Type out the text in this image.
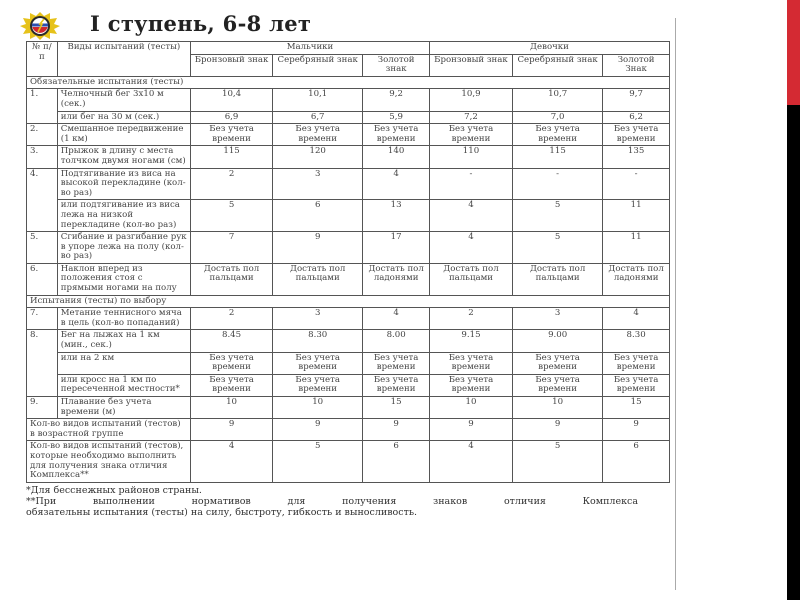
I ступень, 6-8 лет
№ п/п	Виды испытаний (тесты)	Мальчики			Девочки		
		Бронзовый знак	Серебряный знак	Золотой знак	Бронзовый знак	Серебряный знак	Золотой Знак
Обязательные испытания (тесты)							
1.	Челночный бег 3х10 м (сек.)	10,4	10,1	9,2	10,9	10,7	9,7
	или бег на 30 м (сек.)	6,9	6,7	5,9	7,2	7,0	6,2
2.	Смешанное передвижение (1 км)	Без учета времени	Без учета времени	Без учета времени	Без учета времени	Без учета времени	Без учета времени
3.	Прыжок в длину с места толчком двумя ногами (см)	115	120	140	110	115	135
4.	Подтягивание из виса на высокой перекладине (кол-во раз)	2	3	4	-	-	-
	или подтягивание из виса лежа на низкой перекладине (кол-во раз)	5	6	13	4	5	11
5.	Сгибание и разгибание рук в упоре лежа на полу (кол-во раз)	7	9	17	4	5	11
6.	Наклон вперед из положения стоя с прямыми ногами на полу	Достать пол пальцами	Достать пол пальцами	Достать пол ладонями	Достать пол пальцами	Достать пол пальцами	Достать пол ладонями
Испытания (тесты) по выбору							
7.	Метание теннисного мяча в цель (кол-во попаданий)	2	3	4	2	3	4
8.	Бег на лыжах на 1 км (мин., сек.)	8.45	8.30	8.00	9.15	9.00	8.30
	или на 2 км	Без учета времени	Без учета времени	Без учета времени	Без учета времени	Без учета времени	Без учета времени
	или кросс на 1 км по пересеченной местности*	Без учета времени	Без учета времени	Без учета времени	Без учета времени	Без учета времени	Без учета времени
9.	Плавание без учета времени (м)	10	10	15	10	10	15
Кол-во видов испытаний (тестов) в возрастной группе		9	9	9	9	9	9
Кол-во видов испытаний (тестов), которые необходимо выполнить для получения знака отличия Комплекса**		4	5	6	4	5	6
*Для бесснежных районов страны.
**При выполнении нормативов для получения знаков отличия Комплекса
обязательны испытания (тесты) на силу, быстроту, гибкость и выносливость.
